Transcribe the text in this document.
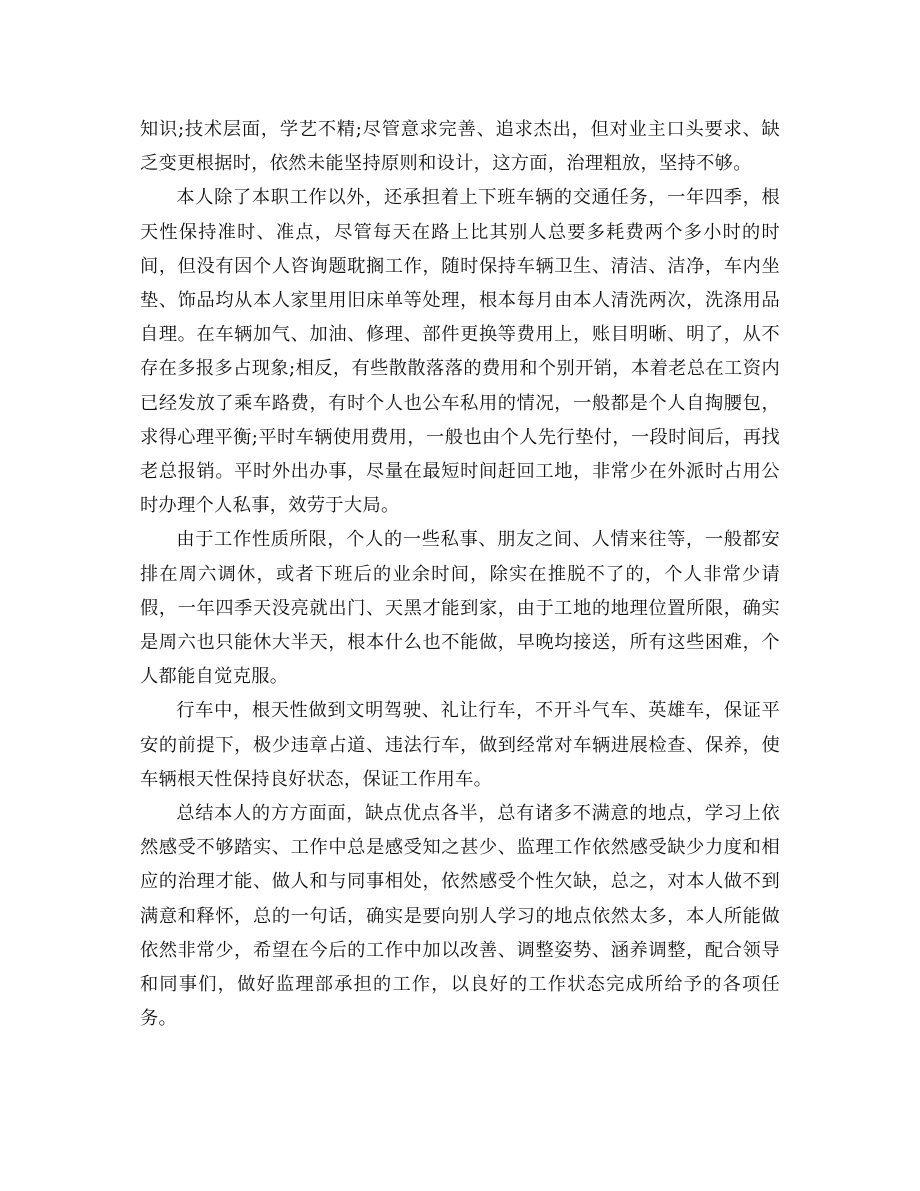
知识;技术层面，学艺不精;尽管意求完善、追求杰出，但对业主口头要求、缺乏变更根据时，依然未能坚持原则和设计，这方面，治理粗放，坚持不够。

本人除了本职工作以外，还承担着上下班车辆的交通任务，一年四季，根天性保持准时、准点，尽管每天在路上比其别人总要多耗费两个多小时的时间，但没有因个人咨询题耽搁工作，随时保持车辆卫生、清洁、洁净，车内坐垫、饰品均从本人家里用旧床单等处理，根本每月由本人清洗两次，洗涤用品自理。在车辆加气、加油、修理、部件更换等费用上，账目明晰、明了，从不存在多报多占现象;相反，有些散散落落的费用和个别开销，本着老总在工资内已经发放了乘车路费，有时个人也公车私用的情况，一般都是个人自掏腰包，求得心理平衡;平时车辆使用费用，一般也由个人先行垫付，一段时间后，再找老总报销。平时外出办事，尽量在最短时间赶回工地，非常少在外派时占用公时办理个人私事，效劳于大局。

由于工作性质所限，个人的一些私事、朋友之间、人情来往等，一般都安排在周六调休，或者下班后的业余时间，除实在推脱不了的，个人非常少请假，一年四季天没亮就出门、天黑才能到家，由于工地的地理位置所限，确实是周六也只能休大半天，根本什么也不能做，早晚均接送，所有这些困难，个人都能自觉克服。

行车中，根天性做到文明驾驶、礼让行车，不开斗气车、英雄车，保证平安的前提下，极少违章占道、违法行车，做到经常对车辆进展检查、保养，使车辆根天性保持良好状态，保证工作用车。

总结本人的方方面面，缺点优点各半，总有诸多不满意的地点，学习上依然感受不够踏实、工作中总是感受知之甚少、监理工作依然感受缺少力度和相应的治理才能、做人和与同事相处，依然感受个性欠缺，总之，对本人做不到满意和释怀，总的一句话，确实是要向别人学习的地点依然太多，本人所能做依然非常少，希望在今后的工作中加以改善、调整姿势、涵养调整，配合领导和同事们，做好监理部承担的工作，以良好的工作状态完成所给予的各项任务。
